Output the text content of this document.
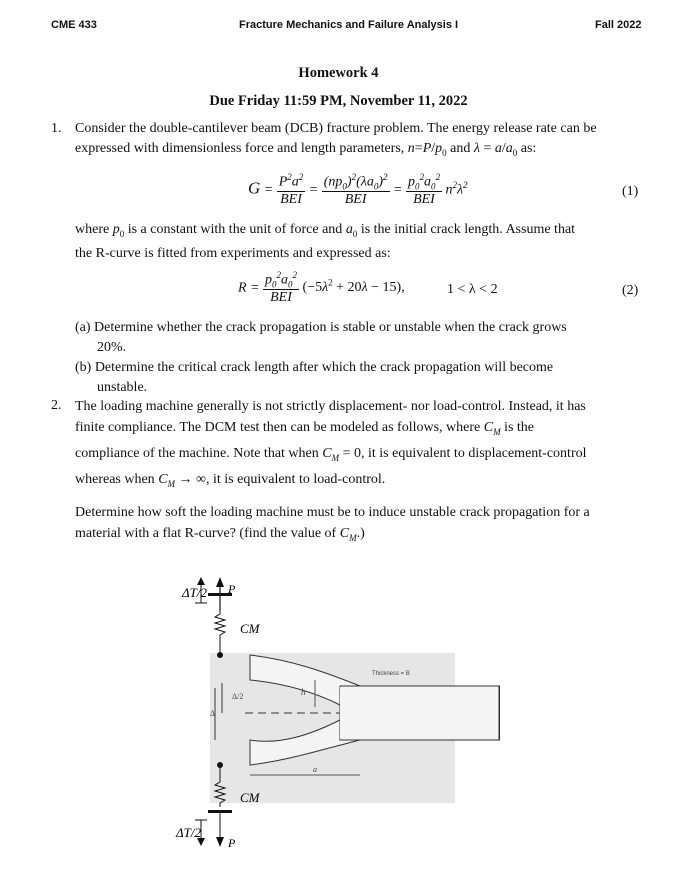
CME 433	Fracture Mechanics and Failure Analysis I	Fall 2022
Homework 4
Due Friday 11:59 PM, November 11, 2022
1. Consider the double-cantilever beam (DCB) fracture problem. The energy release rate can be
expressed with dimensionless force and length parameters, $n=P/p_0$ and $\lambda = a/a_0$ as:
$G = \frac{P^2a^2}{\text{BEI}} = \frac{(np_0)^2(\lambda a_0)^2}{\text{BEI}} = \frac{p_0^2a_0^2}{\text{BEI}} n^2\lambda^2$	(1)
where $p_0$ is a constant with the unit of force and $a_0$ is the initial crack length. Assume that
the R-curve is fitted from experiments and expressed as:
$R = \frac{p_0^2a_0^2}{\text{BEI}} (-5\lambda^2 + 20\lambda - 15)$,	1 < λ < 2	(2)
(a) Determine whether the crack propagation is stable or unstable when the crack grows
20%.
(b) Determine the critical crack length after which the crack propagation will become
unstable.
2. The loading machine generally is not strictly displacement- nor load-control. Instead, it has
finite compliance. The DCM test then can be modeled as follows, where $C_M$ is the
compliance of the machine. Note that when $C_M = 0$, it is equivalent to displacement-control
whereas when $C_M$ → ∞, it is equivalent to load-control.
Determine how soft the loading machine must be to induce unstable crack propagation for a
material with a flat R-curve? (find the value of $C_M$.)
ΔT/2 P
CM
Thickness = B
h
Δ/2
Δ
a
CM
ΔT/2
P
